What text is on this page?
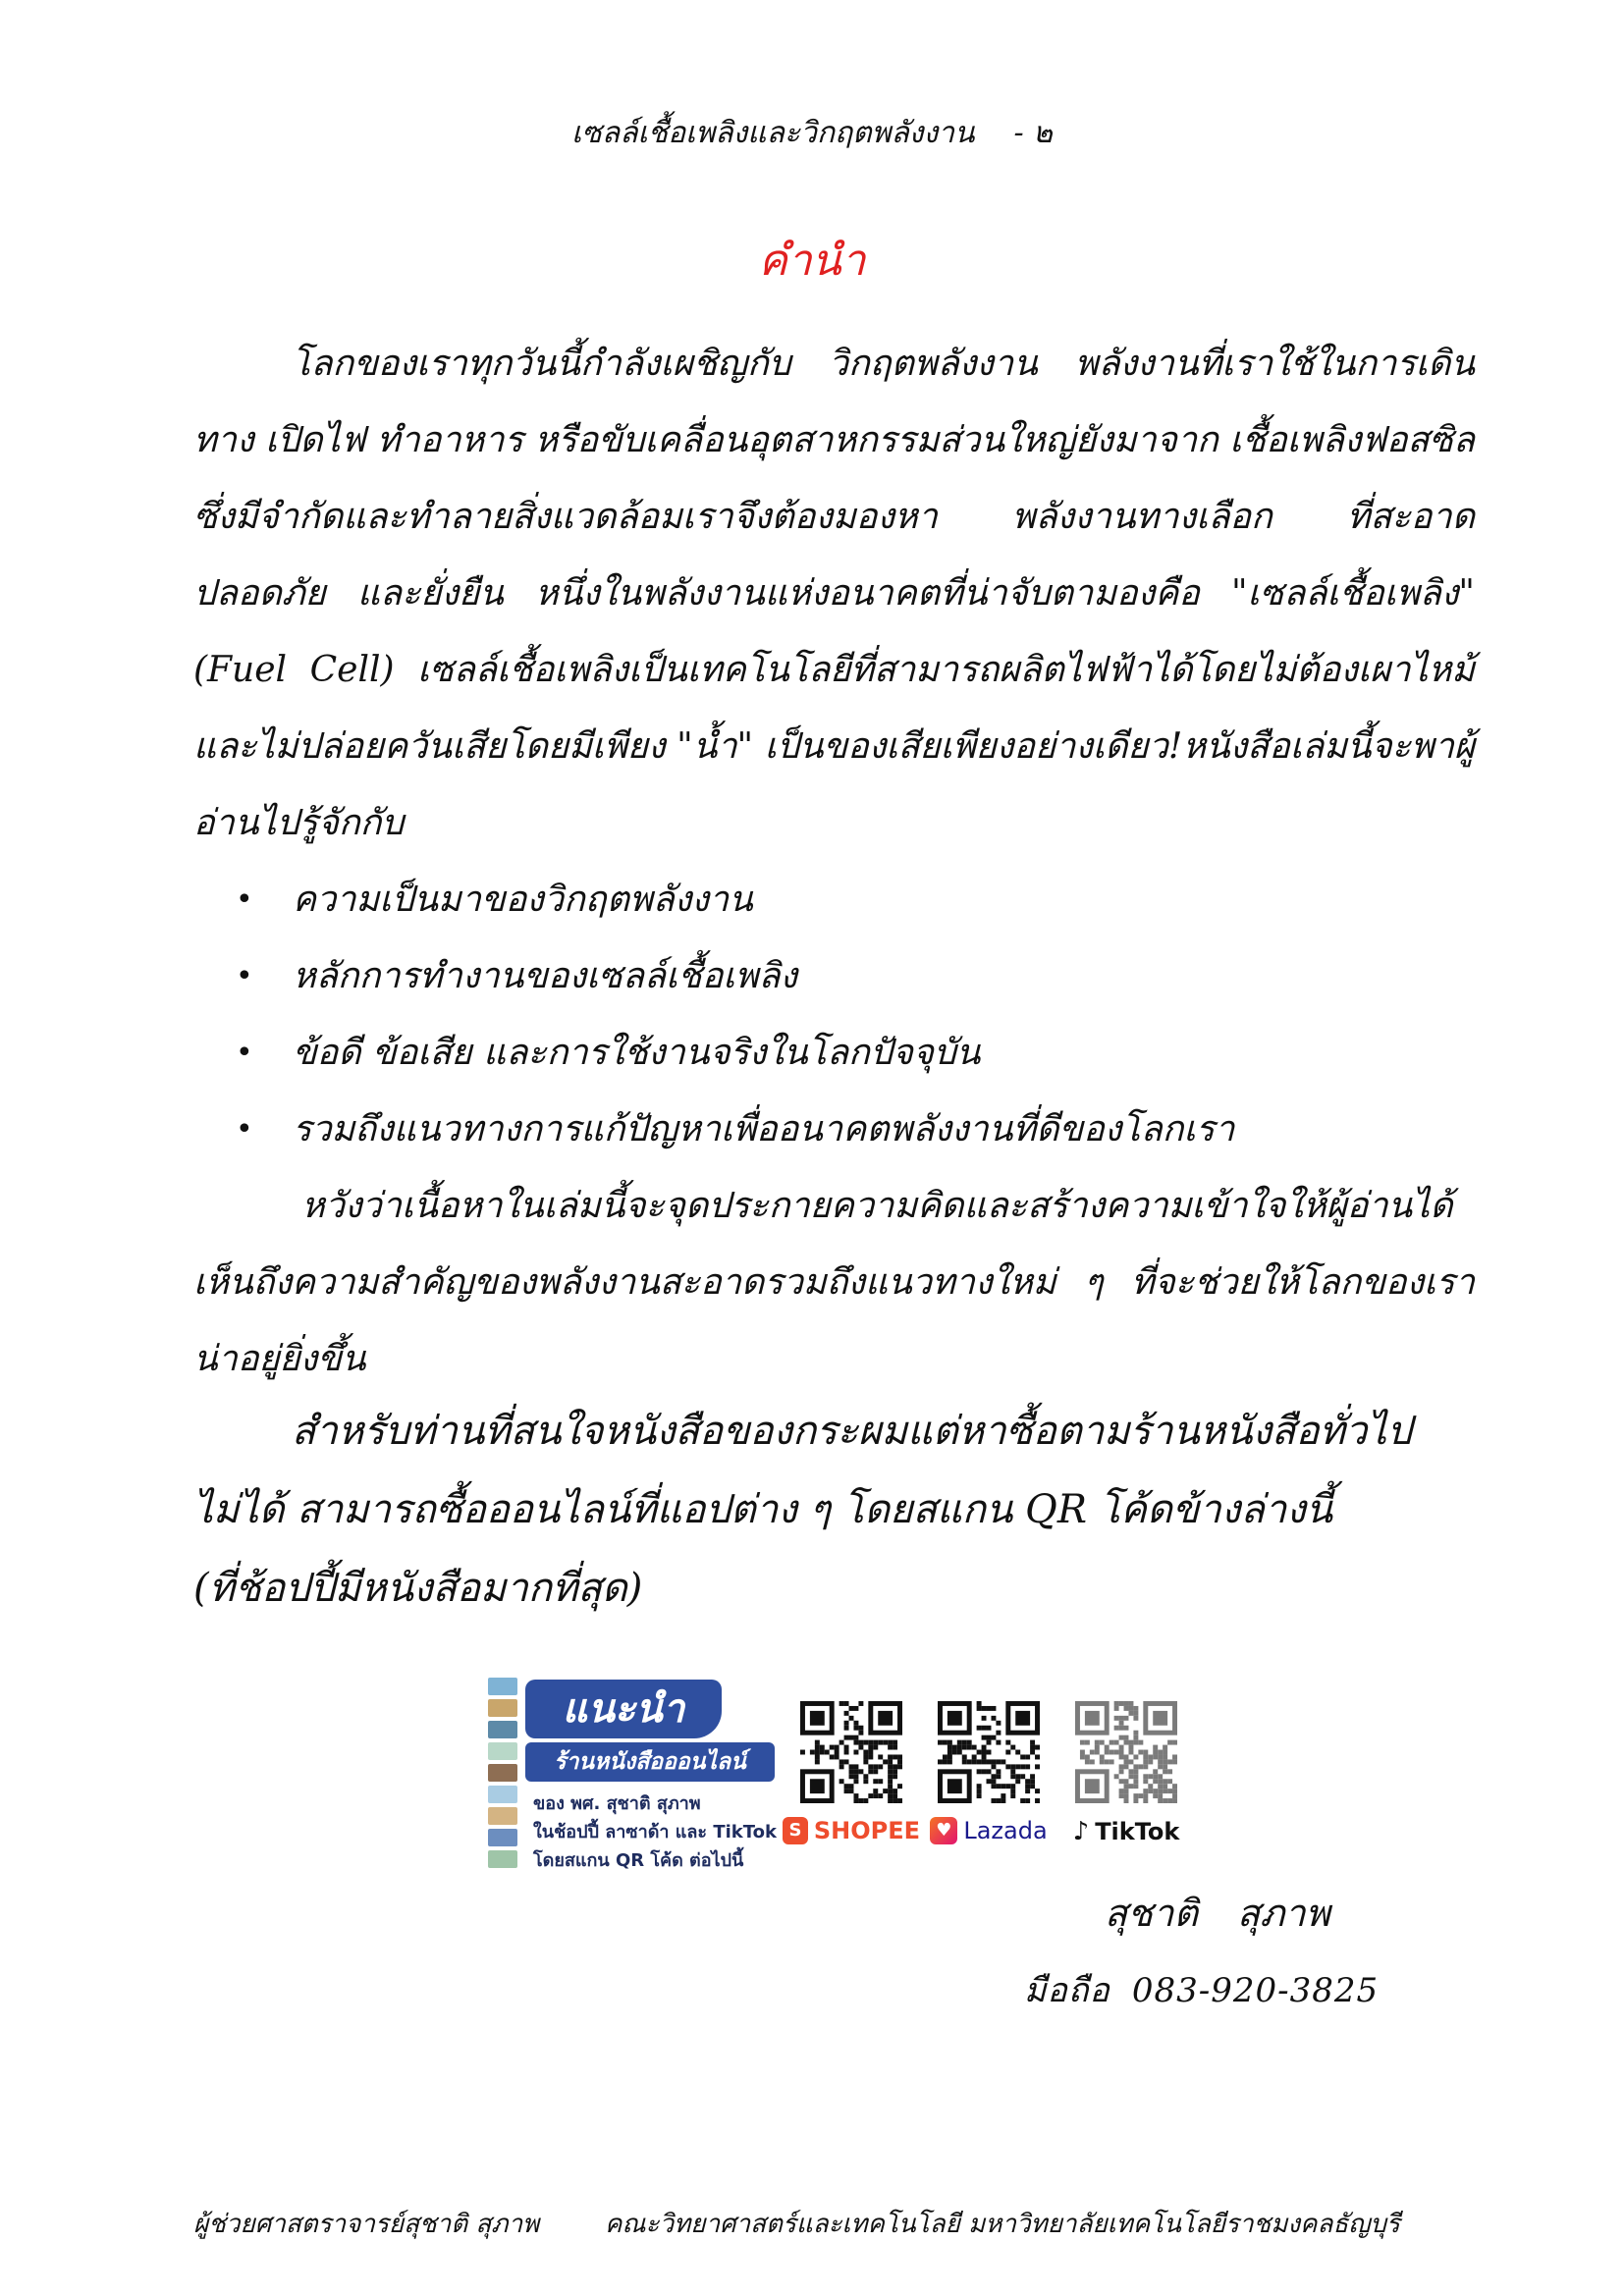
เซลล์เชื้อเพลิงและวิกฤตพลังงาน - ๒
คำนำ
โลกของเราทุกวันนี้กำลังเผชิญกับ วิกฤตพลังงาน พลังงานที่เราใช้ในการเดินทาง เปิดไฟ ทำอาหาร หรือขับเคลื่อนอุตสาหกรรมส่วนใหญ่ยังมาจาก เชื้อเพลิงฟอสซิล ซึ่งมีจำกัดและทำลายสิ่งแวดล้อมเราจึงต้องมองหา พลังงานทางเลือก ที่สะอาด ปลอดภัย และยั่งยืน หนึ่งในพลังงานแห่งอนาคตที่น่าจับตามองคือ "เซลล์เชื้อเพลิง" (Fuel Cell) เซลล์เชื้อเพลิงเป็นเทคโนโลยีที่สามารถผลิตไฟฟ้าได้โดยไม่ต้องเผาไหม้ และไม่ปล่อยควันเสียโดยมีเพียง "น้ำ" เป็นของเสียเพียงอย่างเดียว!หนังสือเล่มนี้จะพาผู้อ่านไปรู้จักกับ
• ความเป็นมาของวิกฤตพลังงาน
• หลักการทำงานของเซลล์เชื้อเพลิง
• ข้อดี ข้อเสีย และการใช้งานจริงในโลกปัจจุบัน
• รวมถึงแนวทางการแก้ปัญหาเพื่ออนาคตพลังงานที่ดีของโลกเรา
หวังว่าเนื้อหาในเล่มนี้จะจุดประกายความคิดและสร้างความเข้าใจให้ผู้อ่านได้เห็นถึงความสำคัญของพลังงานสะอาดรวมถึงแนวทางใหม่ ๆ ที่จะช่วยให้โลกของเราน่าอยู่ยิ่งขึ้น
สำหรับท่านที่สนใจหนังสือของกระผมแต่หาซื้อตามร้านหนังสือทั่วไป
ไม่ได้ สามารถซื้อออนไลน์ที่แอปต่าง ๆ โดยสแกน QR โค้ดข้างล่างนี้
(ที่ช้อปปี้มีหนังสือมากที่สุด)
แนะนำ
ร้านหนังสือออนไลน์
ของ พศ. สุชาติ สุภาพ
ในช้อปปี้ ลาซาด้า และ TikTok
โดยสแกน QR โค้ด ต่อไปนี้
S SHOPEE ♥ Lazada ♪ TikTok
สุชาติ สุภาพ
มือถือ 083-920-3825
ผู้ช่วยศาสตราจารย์สุชาติ สุภาพ	คณะวิทยาศาสตร์และเทคโนโลยี มหาวิทยาลัยเทคโนโลยีราชมงคลธัญบุรี
